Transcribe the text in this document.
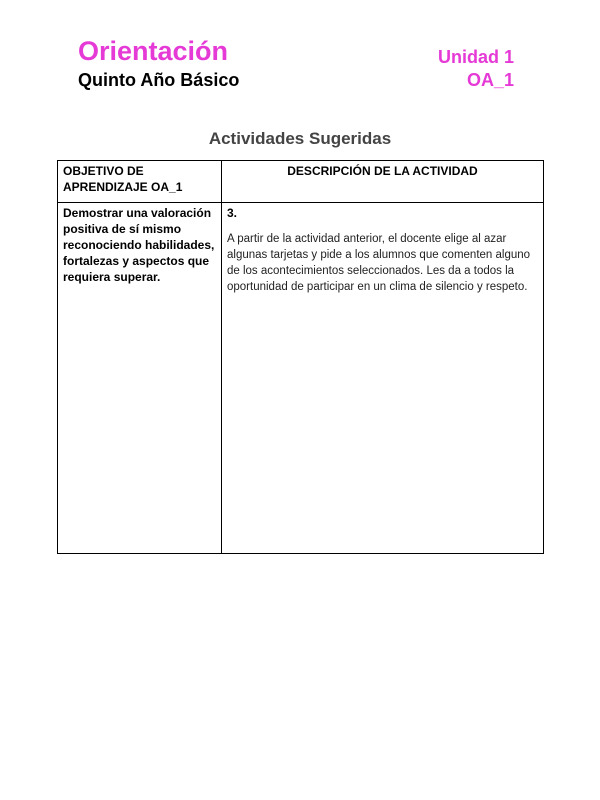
Orientación
Quinto Año Básico
Unidad 1
OA_1
Actividades Sugeridas
OBJETIVO DE APRENDIZAJE OA_1	DESCRIPCIÓN DE LA ACTIVIDAD
Demostrar una valoración positiva de sí mismo reconociendo habilidades, fortalezas y aspectos que requiera superar.	3.
A partir de la actividad anterior, el docente elige al azar algunas tarjetas y pide a los alumnos que comenten alguno de los acontecimientos seleccionados. Les da a todos la oportunidad de participar en un clima de silencio y respeto.
